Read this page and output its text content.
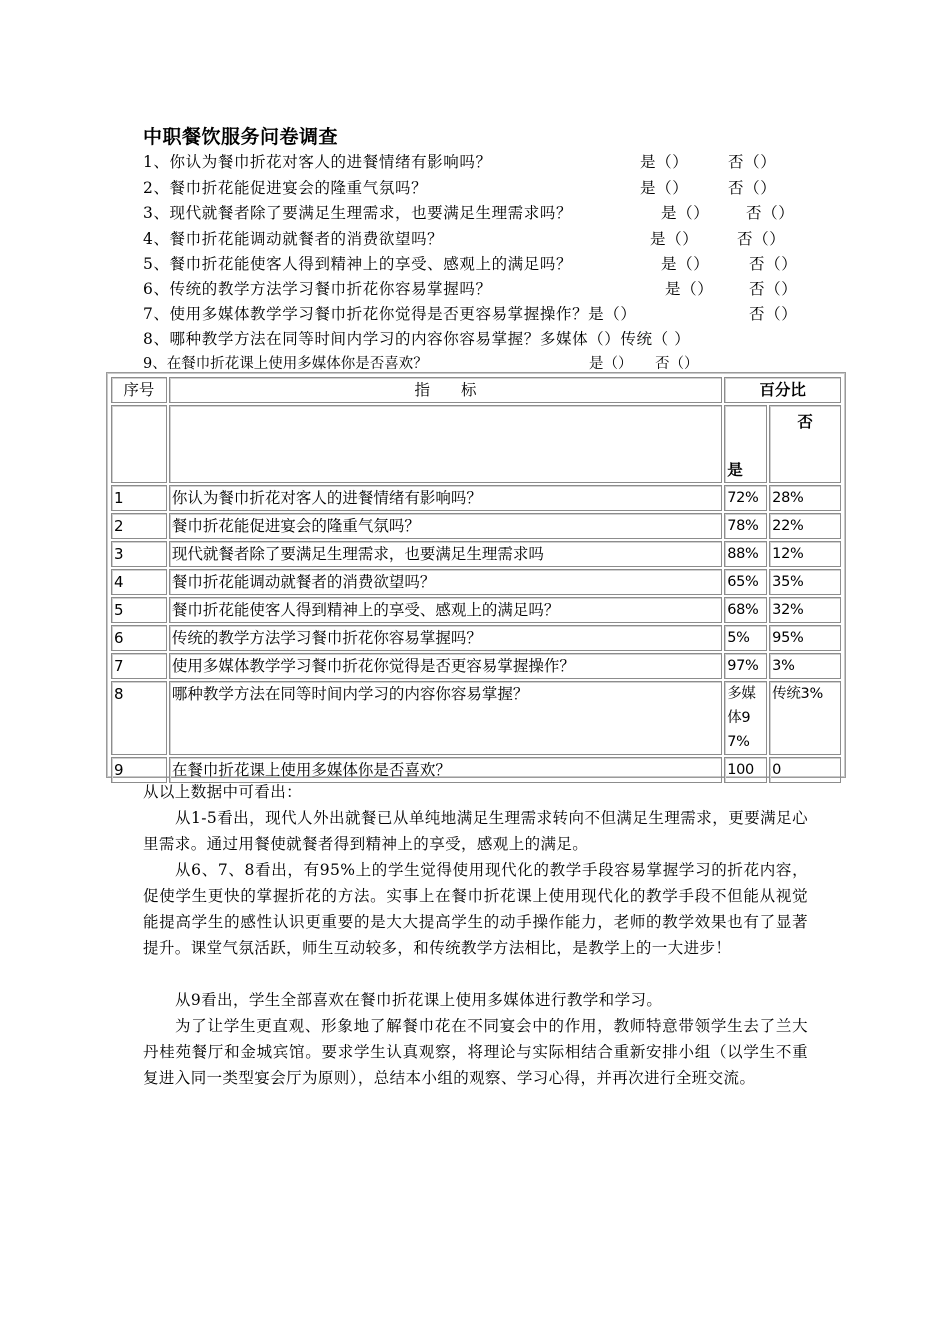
中职餐饮服务问卷调查
1、你认为餐巾折花对客人的进餐情绪有影响吗？	是（）	否（）
2、餐巾折花能促进宴会的隆重气氛吗？	是（）	否（）
3、现代就餐者除了要满足生理需求，也要满足生理需求吗？	是（） 否（）
4、餐巾折花能调动就餐者的消费欲望吗？	是（） 否（）
5、餐巾折花能使客人得到精神上的享受、感观上的满足吗？	是（）	否（）
6、传统的教学方法学习餐巾折花你容易掌握吗？	是（） 否（）
7、使用多媒体教学学习餐巾折花你觉得是否更容易掌握操作？是（）	否（）
8、哪种教学方法在同等时间内学习的内容你容易掌握？多媒体（）传统（ ）
9、在餐巾折花课上使用多媒体你是否喜欢？	是（） 否（）
序号	指　　标	百分比	
		是	否
1	你认为餐巾折花对客人的进餐情绪有影响吗？	72%	28%
2	餐巾折花能促进宴会的隆重气氛吗？	78%	22%
3	现代就餐者除了要满足生理需求，也要满足生理需求吗	88%	12%
4	餐巾折花能调动就餐者的消费欲望吗？	65%	35%
5	餐巾折花能使客人得到精神上的享受、感观上的满足吗？	68%	32%
6	传统的教学方法学习餐巾折花你容易掌握吗？	5%	95%
7	使用多媒体教学学习餐巾折花你觉得是否更容易掌握操作？	97%	3%
8	哪种教学方法在同等时间内学习的内容你容易掌握？	多媒体97%	传统3%
9	在餐巾折花课上使用多媒体你是否喜欢？	100	0
从以上数据中可看出：
从1-5看出，现代人外出就餐已从单纯地满足生理需求转向不但满足生理需求，更要满足心里需求。通过用餐使就餐者得到精神上的享受，感观上的满足。
从6、7、8看出，有95%上的学生觉得使用现代化的教学手段容易掌握学习的折花内容，促使学生更快的掌握折花的方法。实事上在餐巾折花课上使用现代化的教学手段不但能从视觉能提高学生的感性认识更重要的是大大提高学生的动手操作能力，老师的教学效果也有了显著提升。课堂气氛活跃，师生互动较多，和传统教学方法相比，是教学上的一大进步！
从9看出，学生全部喜欢在餐巾折花课上使用多媒体进行教学和学习。
为了让学生更直观、形象地了解餐巾花在不同宴会中的作用，教师特意带领学生去了兰大丹桂苑餐厅和金城宾馆。要求学生认真观察，将理论与实际相结合重新安排小组（以学生不重复进入同一类型宴会厅为原则），总结本小组的观察、学习心得，并再次进行全班交流。
